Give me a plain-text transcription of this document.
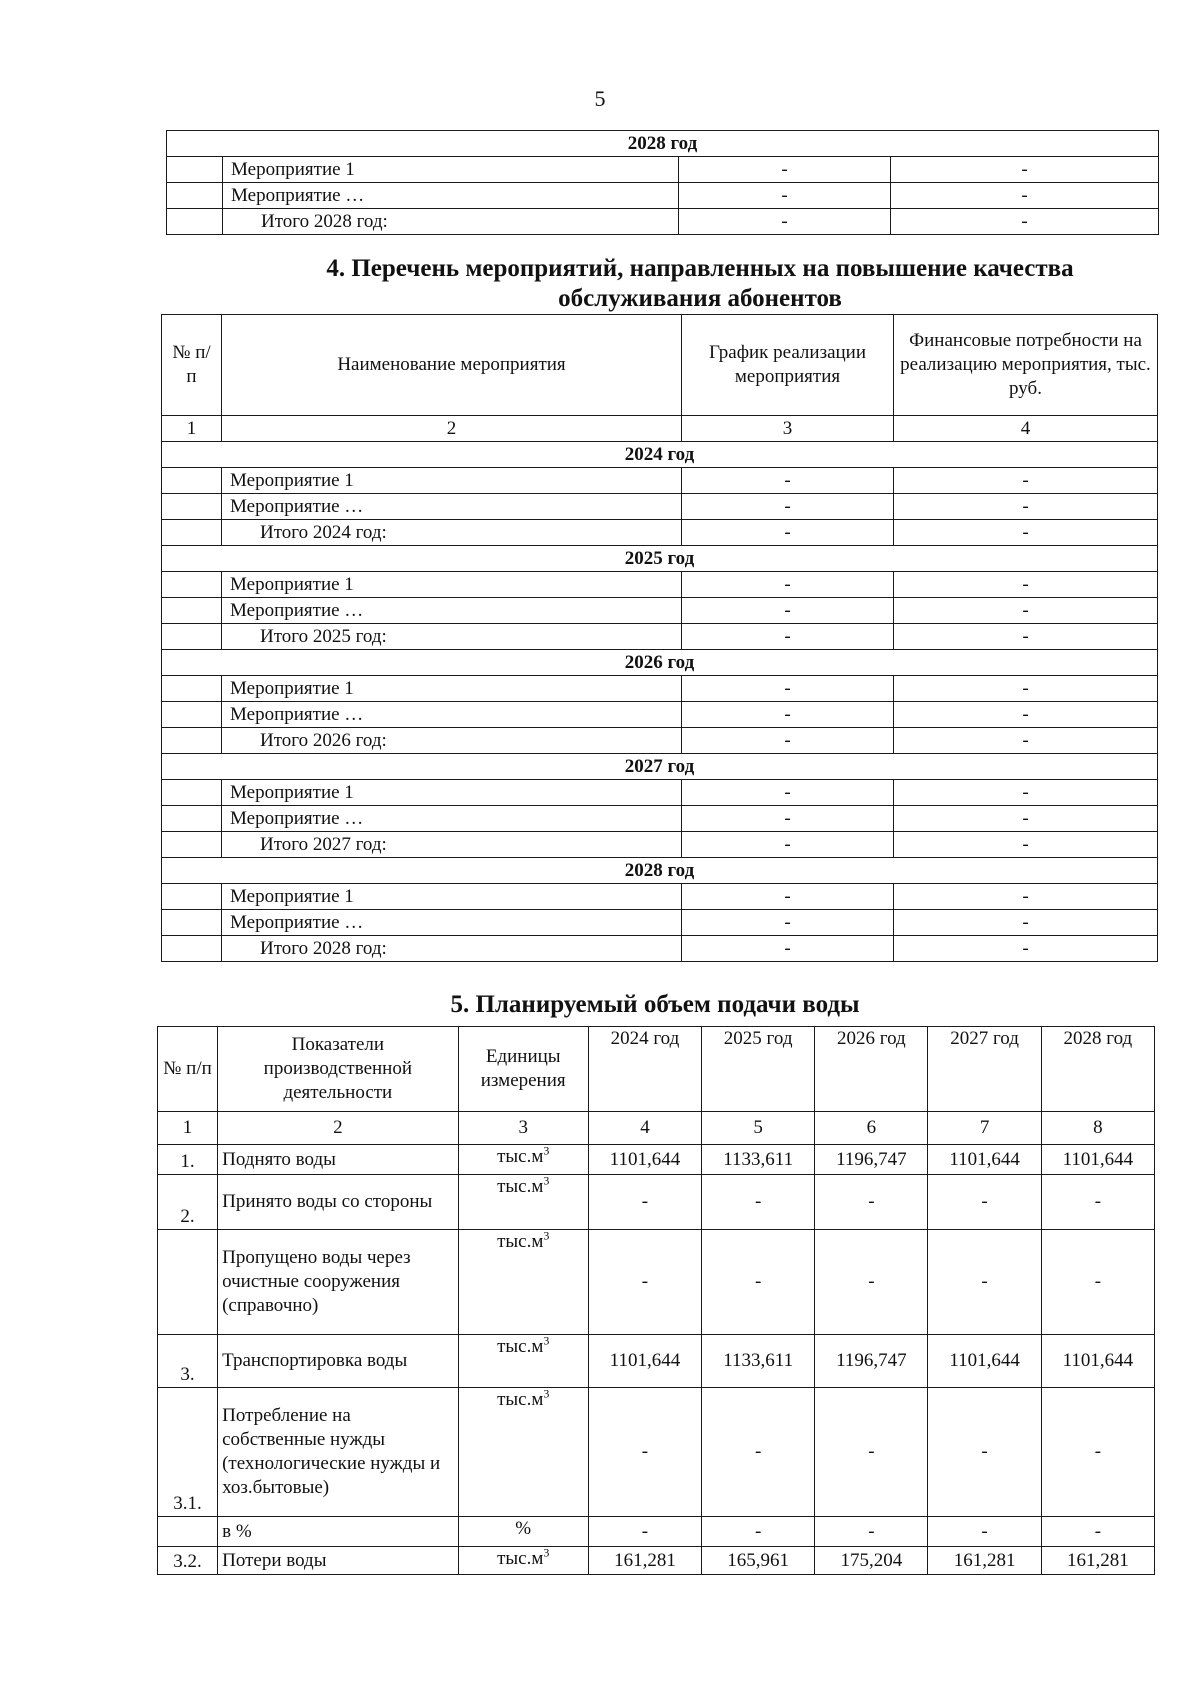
5
2028 год			
	Мероприятие 1	-	-
	Мероприятие …	-	-
	Итого 2028 год:	-	-
4. Перечень мероприятий, направленных на повышение качества
обслуживания абонентов
№ п/п	Наименование мероприятия	График реализации мероприятия	Финансовые потребности на реализацию мероприятия, тыс. руб.
1	2	3	4
2024 год			
	Мероприятие 1	-	-
	Мероприятие …	-	-
	Итого 2024 год:	-	-
2025 год			
	Мероприятие 1	-	-
	Мероприятие …	-	-
	Итого 2025 год:	-	-
2026 год			
	Мероприятие 1	-	-
	Мероприятие …	-	-
	Итого 2026 год:	-	-
2027 год			
	Мероприятие 1	-	-
	Мероприятие …	-	-
	Итого 2027 год:	-	-
2028 год			
	Мероприятие 1	-	-
	Мероприятие …	-	-
	Итого 2028 год:	-	-
5. Планируемый объем подачи воды
№ п/п	Показатели производственной деятельности	Единицы измерения	2024 год	2025 год	2026 год	2027 год	2028 год
1	2	3	4	5	6	7	8
1.	Поднято воды	$тыс.м^3$	1101,644	1133,611	1196,747	1101,644	1101,644
2.	Принято воды со стороны	$тыс.м^3$	-	-	-	-	-
	Пропущено воды через очистные сооружения (справочно)	$тыс.м^3$	-	-	-	-	-
3.	Транспортировка воды	$тыс.м^3$	1101,644	1133,611	1196,747	1101,644	1101,644
3.1.	Потребление на собственные нужды (технологические нужды и хоз.бытовые)	$тыс.м^3$	-	-	-	-	-
	в %	%	-	-	-	-	-
3.2.	Потери воды	$тыс.м^3$	161,281	165,961	175,204	161,281	161,281
